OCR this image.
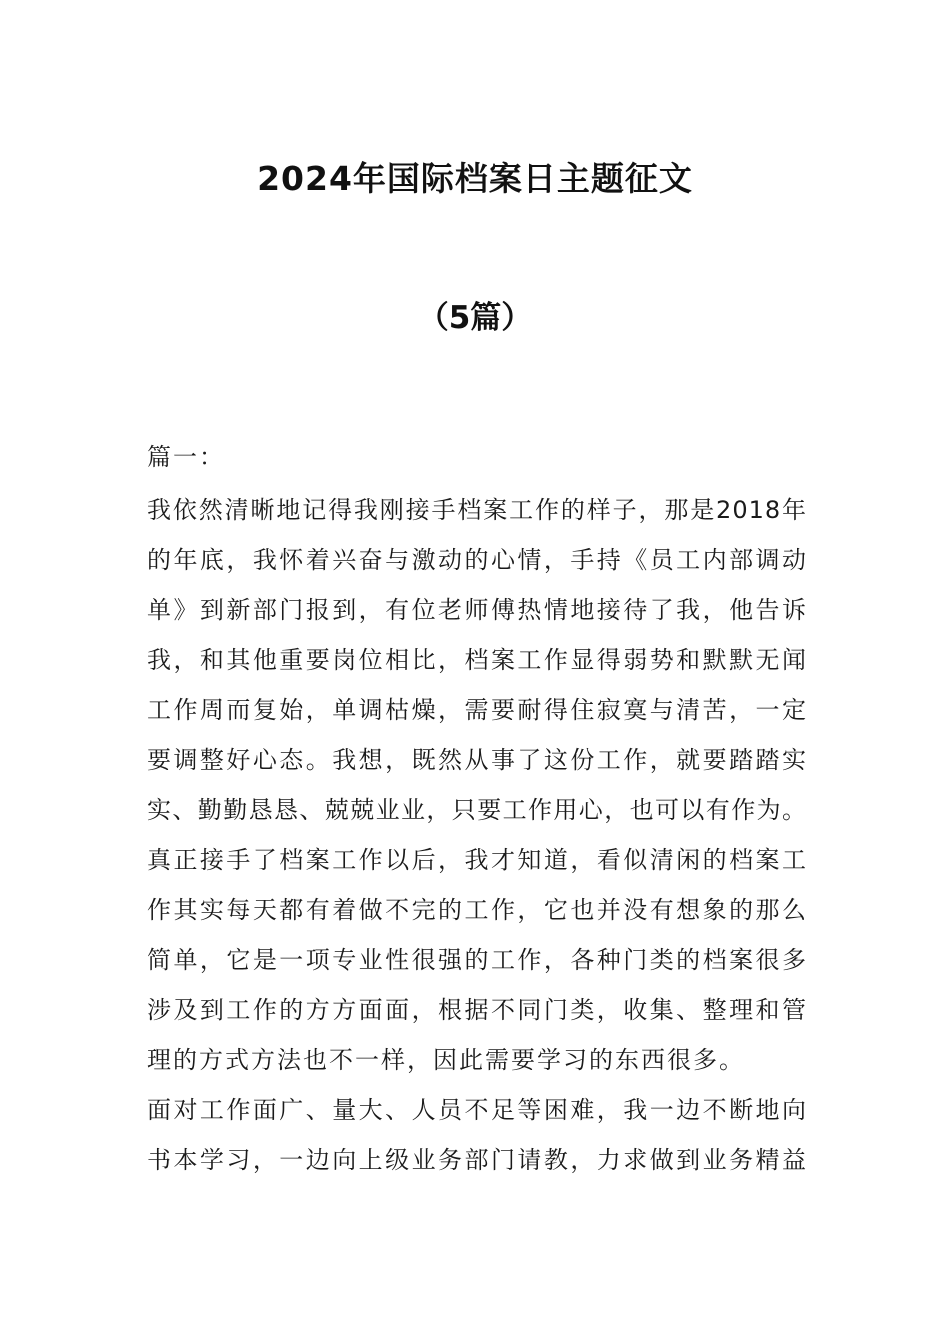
2024年国际档案日主题征文
（5篇）
篇一：
我依然清晰地记得我刚接手档案工作的样子，那是2018年
的年底，我怀着兴奋与激动的心情，手持《员工内部调动
单》到新部门报到，有位老师傅热情地接待了我，他告诉
我，和其他重要岗位相比，档案工作显得弱势和默默无闻
工作周而复始，单调枯燥，需要耐得住寂寞与清苦，一定
要调整好心态。我想，既然从事了这份工作，就要踏踏实
实、勤勤恳恳、兢兢业业，只要工作用心，也可以有作为。
真正接手了档案工作以后，我才知道，看似清闲的档案工
作其实每天都有着做不完的工作，它也并没有想象的那么
简单，它是一项专业性很强的工作，各种门类的档案很多
涉及到工作的方方面面，根据不同门类，收集、整理和管
理的方式方法也不一样，因此需要学习的东西很多。
面对工作面广、量大、人员不足等困难，我一边不断地向
书本学习，一边向上级业务部门请教，力求做到业务精益
